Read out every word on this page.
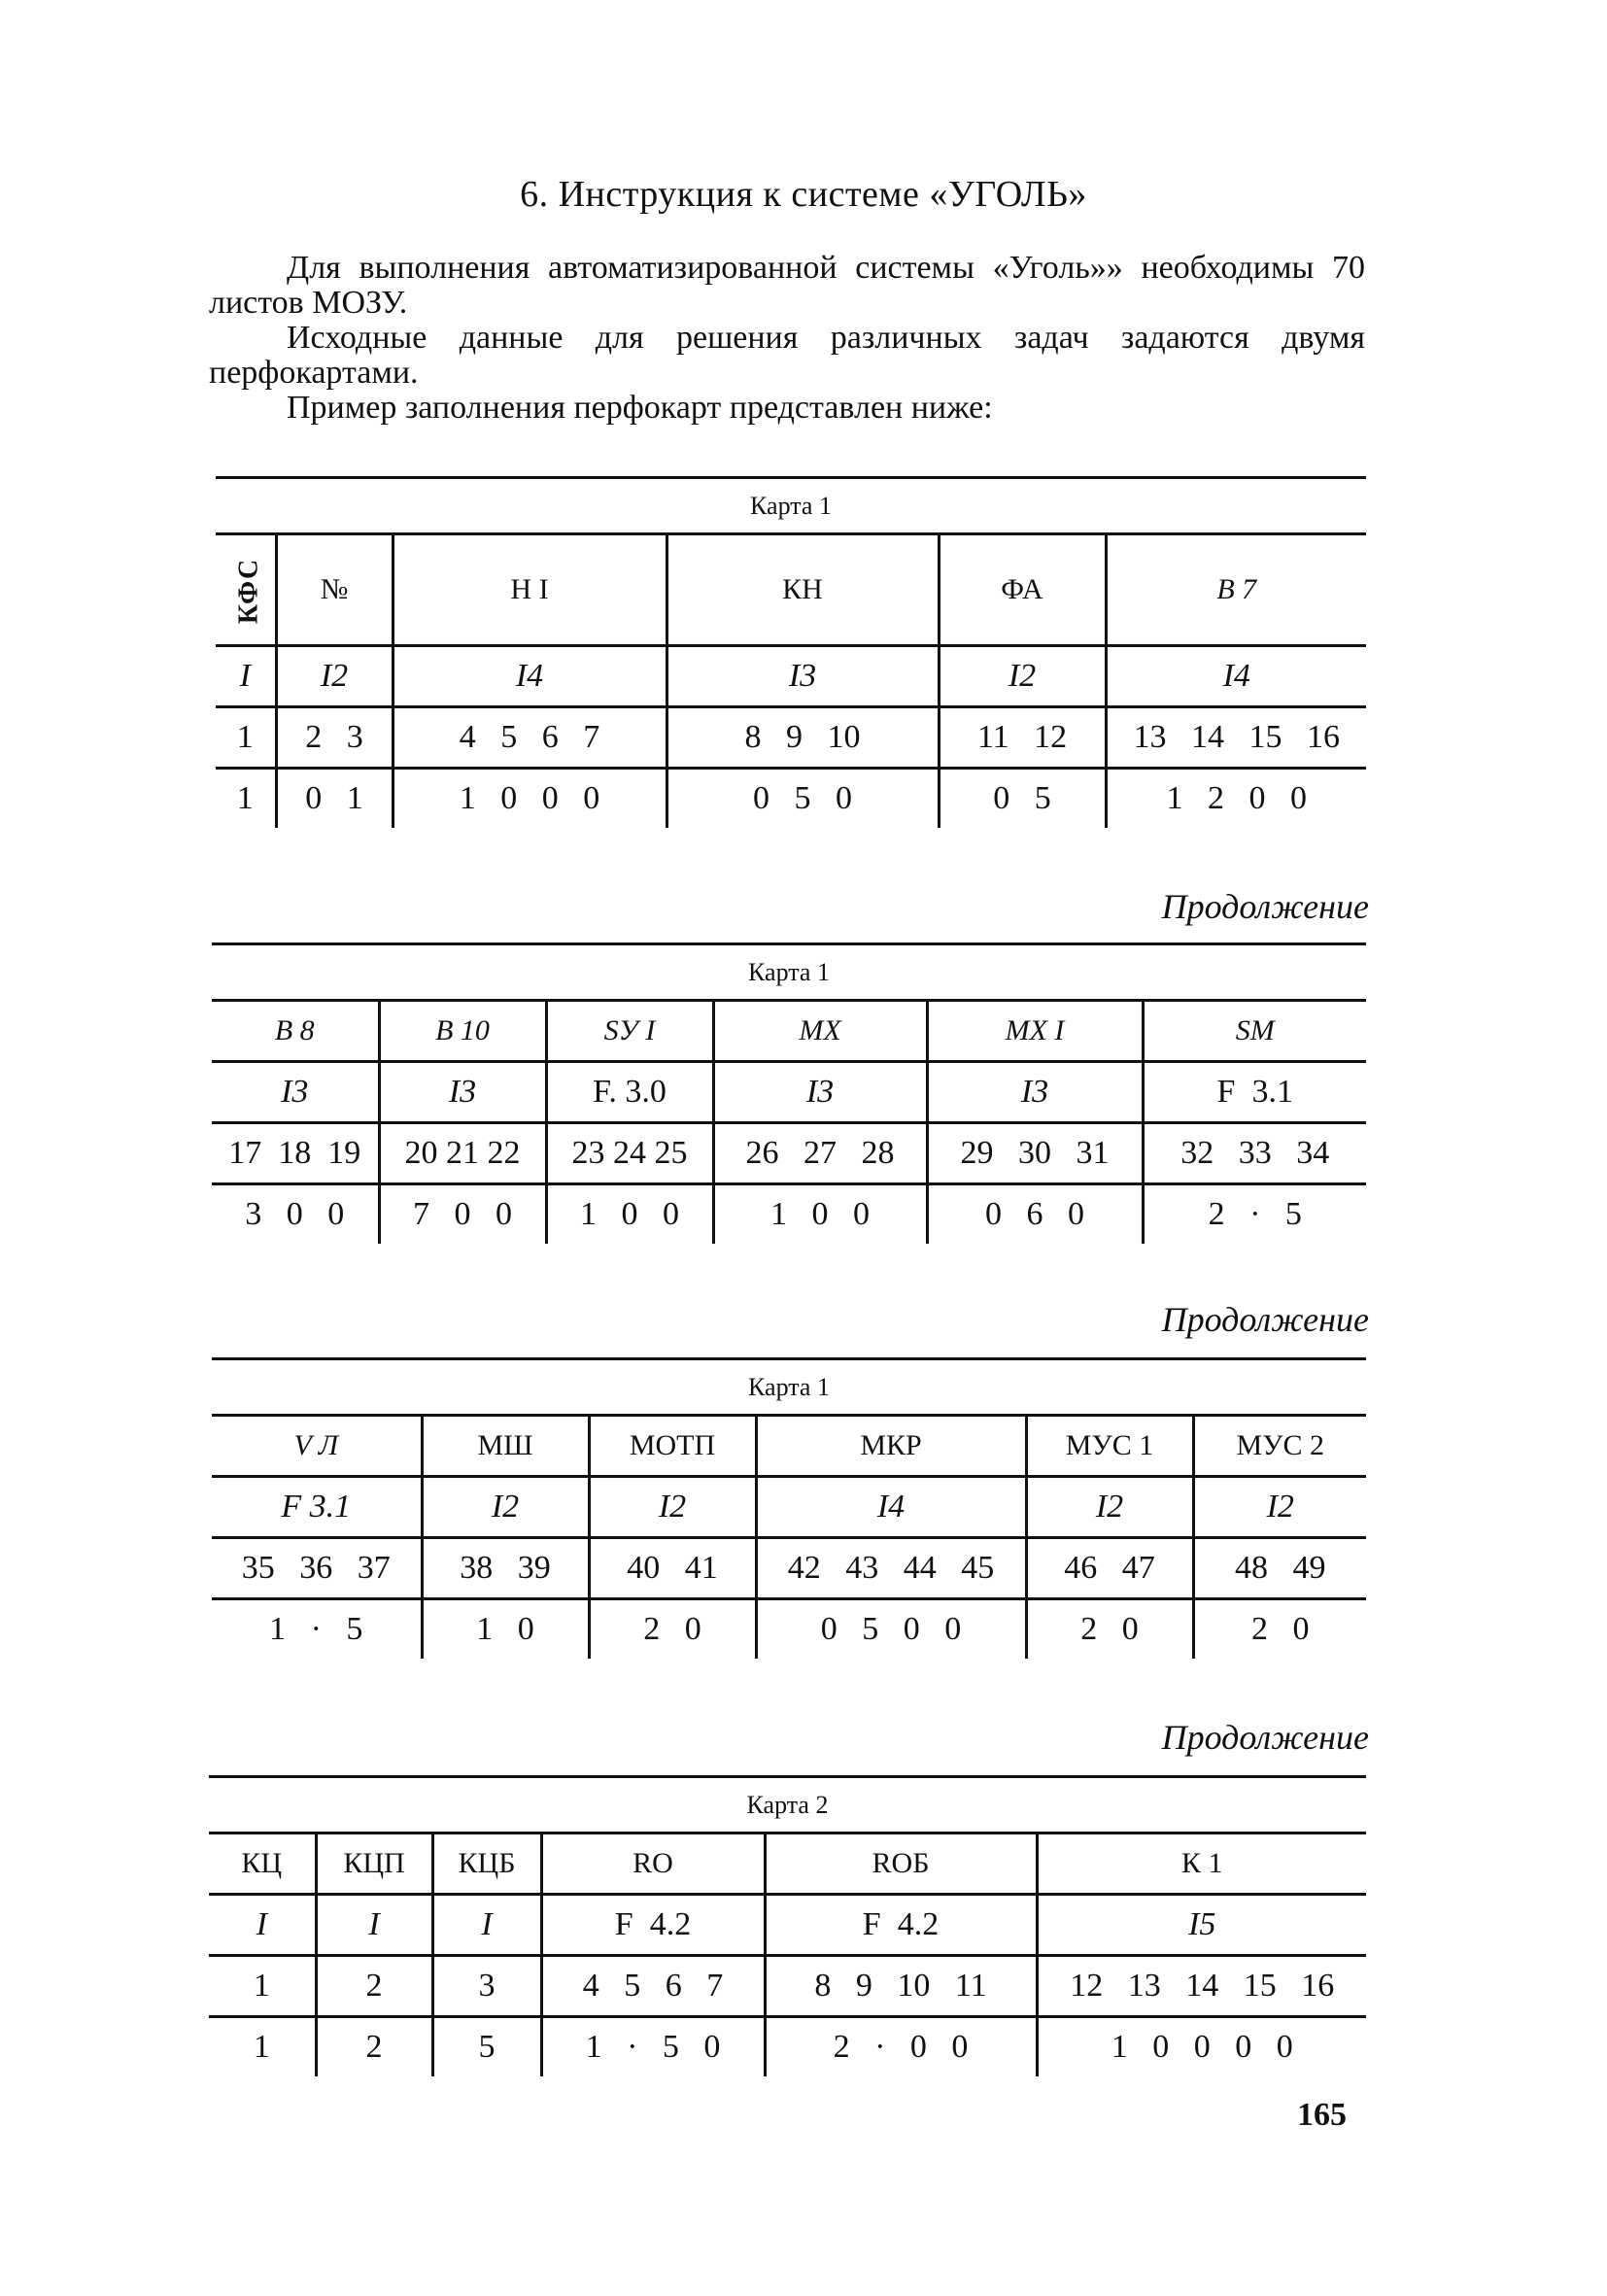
6. Инструкция к системе «УГОЛЬ»
Для выполнения автоматизированной системы «Уголь»» необходимы 70 листов МОЗУ.
Исходные данные для решения различных задач задаются двумя перфокартами.
Пример заполнения перфокарт представлен ниже:
Карта 1					
КФС	№	Н I	КН	ФА	В 7
I	I2	I4	I3	I2	I4
1	2   3	4   5   6   7	8   9   10	11   12	13   14   15   16
1	0   1	1   0   0   0	0   5   0	0   5	1   2   0   0
Продолжение
Карта 1					
В 8	В 10	SУ I	МХ	МХ I	SМ
I3	I3	F. 3.0	I3	I3	F  3.1
17  18  19	20 21 22	23 24 25	26   27   28	29   30   31	32   33   34
3   0   0	7   0   0	1   0   0	1   0   0	0   6   0	2   ·   5
Продолжение
Карта 1					
V Л	МШ	МОТП	МКР	МУС 1	МУС 2
F 3.1	I2	I2	I4	I2	I2
35   36   37	38   39	40   41	42   43   44   45	46   47	48   49
1   ·   5	1   0	2   0	0   5   0   0	2   0	2   0
Продолжение
Карта 2					
КЦ	КЦП	КЦБ	RO	RОБ	К 1
I	I	I	F  4.2	F  4.2	I5
1	2	3	4   5   6   7	8   9   10   11	12   13   14   15   16
1	2	5	1   ·   5   0	2   ·   0   0	1   0   0   0   0
165
